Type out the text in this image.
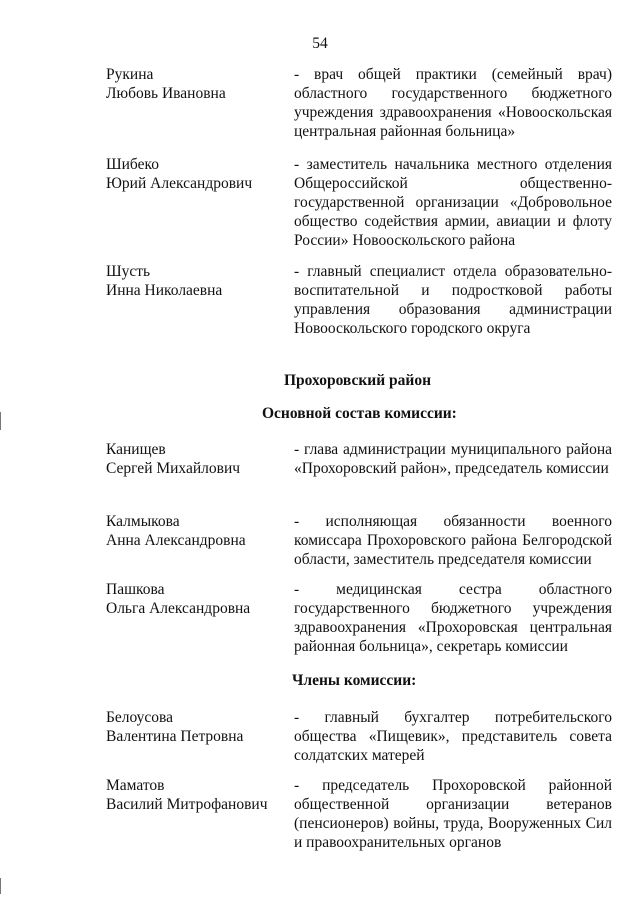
54
Рукина
Любовь Ивановна
- врач общей практики (семейный врач) областного государственного бюджетного учреждения здравоохранения «Новооскольская центральная районная больница»
Шибеко
Юрий Александрович
- заместитель начальника местного отделения Общероссийской общественно-государственной организации «Добровольное общество содействия армии, авиации и флоту России» Новооскольского района
Шусть
Инна Николаевна
- главный специалист отдела образовательно-воспитательной и подростковой работы управления образования администрации Новооскольского городского округа
Прохоровский район
Основной состав комиссии:
Канищев
Сергей Михайлович
- глава администрации муниципального района «Прохоровский район», председатель комиссии
Калмыкова
Анна Александровна
- исполняющая обязанности военного комиссара Прохоровского района Белгородской области, заместитель председателя комиссии
Пашкова
Ольга Александровна
- медицинская сестра областного государственного бюджетного учреждения здравоохранения «Прохоровская центральная районная больница», секретарь комиссии
Члены комиссии:
Белоусова
Валентина Петровна
- главный бухгалтер потребительского общества «Пищевик», представитель совета солдатских матерей
Маматов
Василий Митрофанович
- председатель Прохоровской районной общественной организации ветеранов (пенсионеров) войны, труда, Вооруженных Сил и правоохранительных органов
